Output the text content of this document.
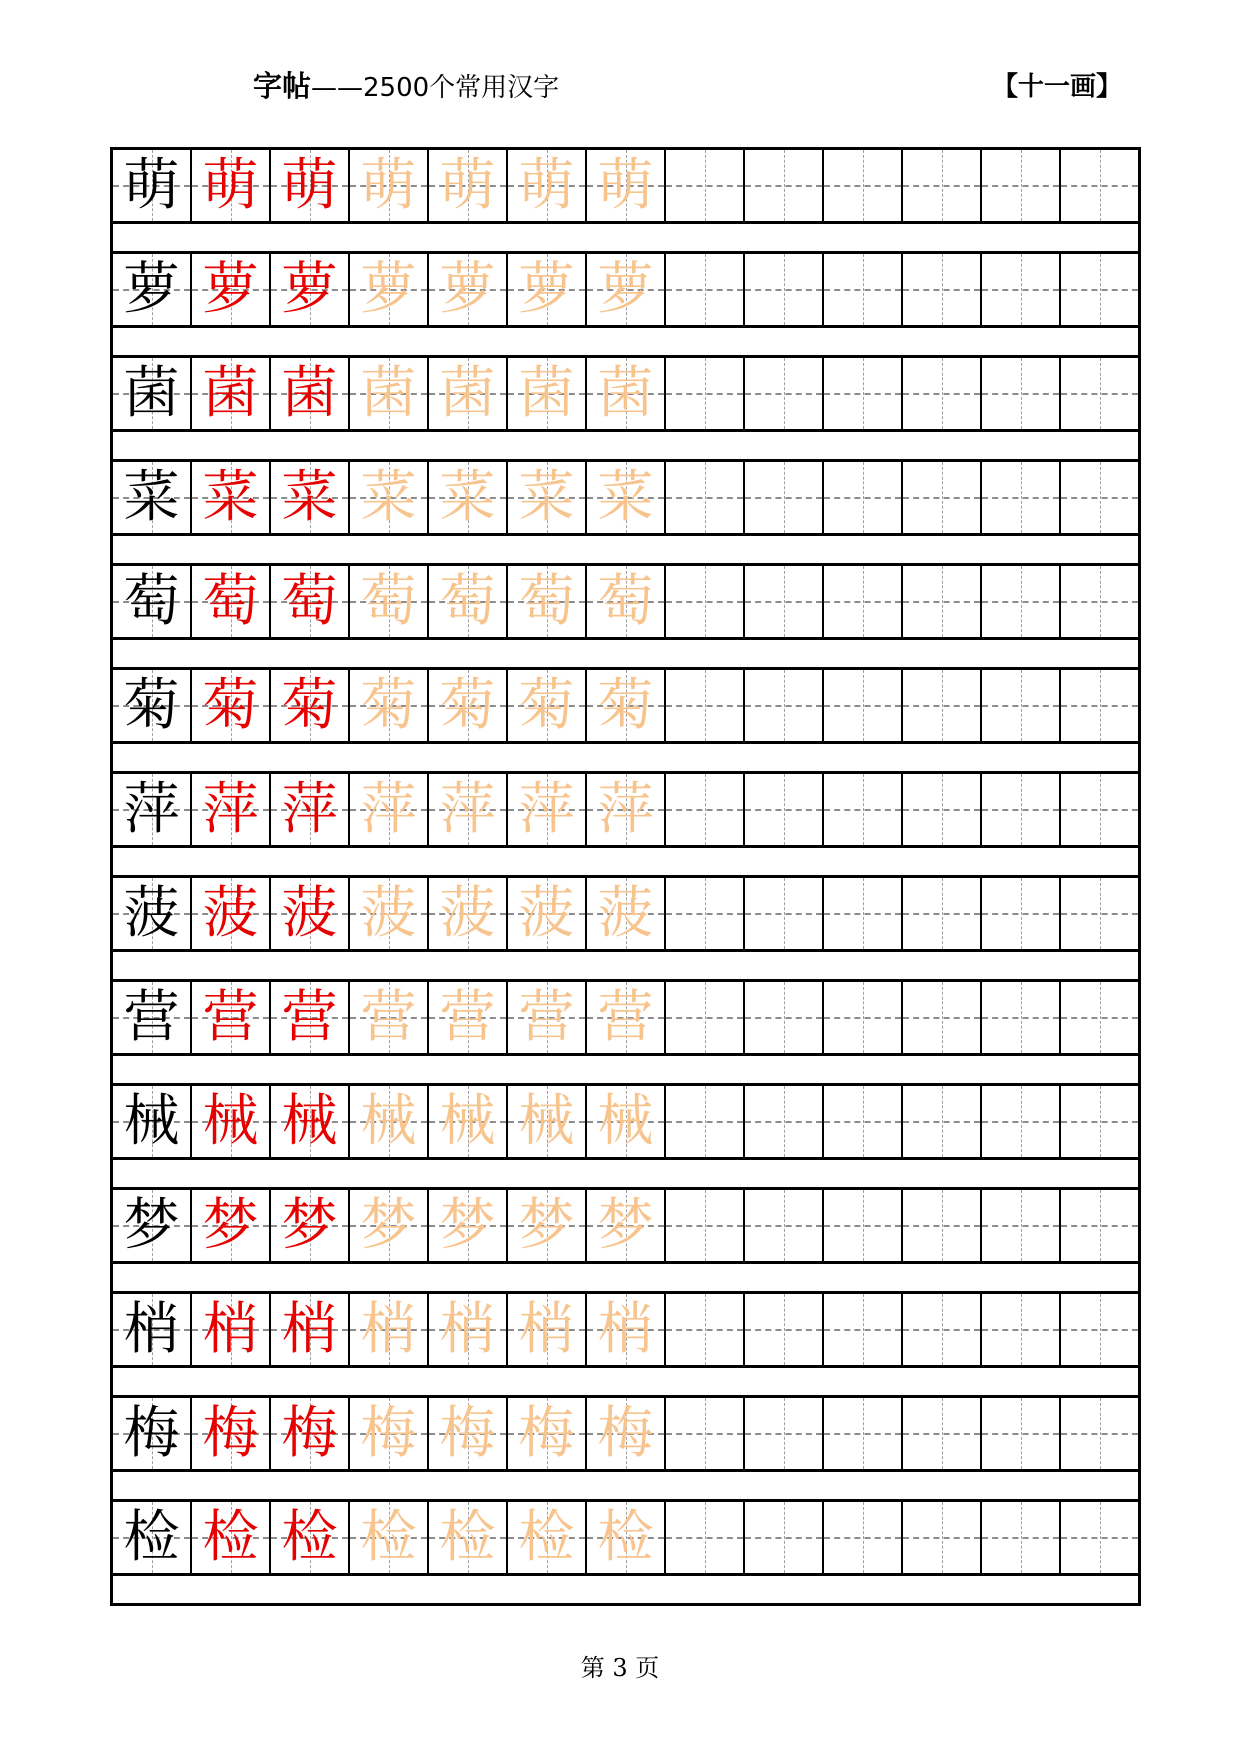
字帖——2500个常用汉字	【十一画】
萌 萌 萌 萌 萌 萌 萌
萝 萝 萝 萝 萝 萝 萝
菌 菌 菌 菌 菌 菌 菌
菜 菜 菜 菜 菜 菜 菜
萄 萄 萄 萄 萄 萄 萄
菊 菊 菊 菊 菊 菊 菊
萍 萍 萍 萍 萍 萍 萍
菠 菠 菠 菠 菠 菠 菠
营 营 营 营 营 营 营
械 械 械 械 械 械 械
梦 梦 梦 梦 梦 梦 梦
梢 梢 梢 梢 梢 梢 梢
梅 梅 梅 梅 梅 梅 梅
检 检 检 检 检 检 检
第 3 页
